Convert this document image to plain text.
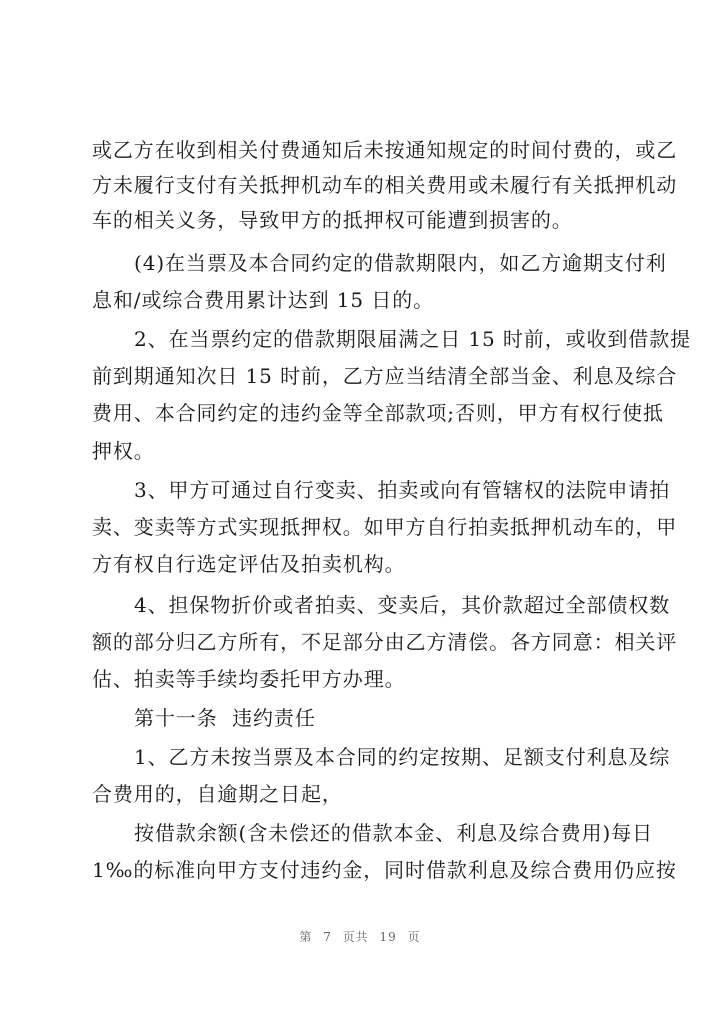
或乙方在收到相关付费通知后未按通知规定的时间付费的，或乙
方未履行支付有关抵押机动车的相关费用或未履行有关抵押机动
车的相关义务，导致甲方的抵押权可能遭到损害的。
(4)在当票及本合同约定的借款期限内，如乙方逾期支付利
息和/或综合费用累计达到 15 日的。
2、在当票约定的借款期限届满之日 15 时前，或收到借款提
前到期通知次日 15 时前，乙方应当结清全部当金、利息及综合
费用、本合同约定的违约金等全部款项;否则，甲方有权行使抵
押权。
3、甲方可通过自行变卖、拍卖或向有管辖权的法院申请拍
卖、变卖等方式实现抵押权。如甲方自行拍卖抵押机动车的，甲
方有权自行选定评估及拍卖机构。
4、担保物折价或者拍卖、变卖后，其价款超过全部债权数
额的部分归乙方所有，不足部分由乙方清偿。各方同意：相关评
估、拍卖等手续均委托甲方办理。
第十一条  违约责任
1、乙方未按当票及本合同的约定按期、足额支付利息及综
合费用的，自逾期之日起，
按借款余额(含未偿还的借款本金、利息及综合费用)每日
1‰的标准向甲方支付违约金，同时借款利息及综合费用仍应按
第 7 页共 19 页
